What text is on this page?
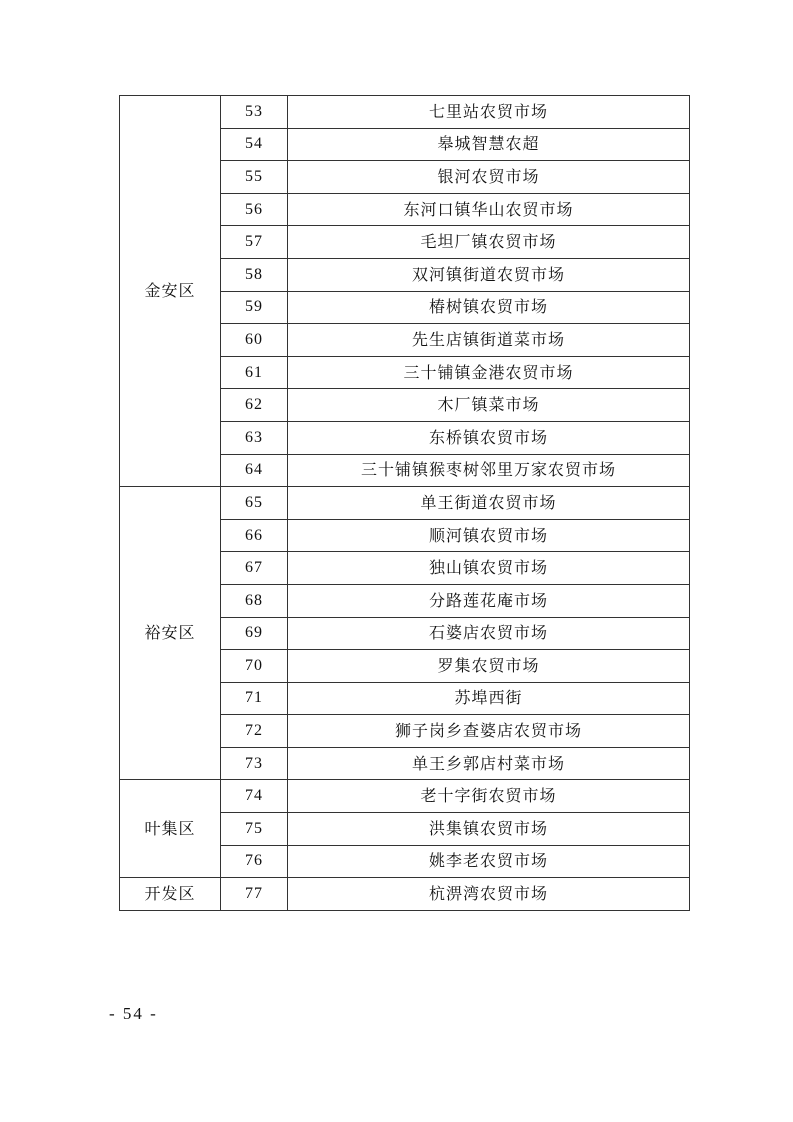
金安区	53	七里站农贸市场
	54	皋城智慧农超
	55	银河农贸市场
	56	东河口镇华山农贸市场
	57	毛坦厂镇农贸市场
	58	双河镇街道农贸市场
	59	椿树镇农贸市场
	60	先生店镇街道菜市场
	61	三十铺镇金港农贸市场
	62	木厂镇菜市场
	63	东桥镇农贸市场
	64	三十铺镇猴枣树邻里万家农贸市场
裕安区	65	单王街道农贸市场
	66	顺河镇农贸市场
	67	独山镇农贸市场
	68	分路莲花庵市场
	69	石婆店农贸市场
	70	罗集农贸市场
	71	苏埠西街
	72	狮子岗乡查婆店农贸市场
	73	单王乡郭店村菜市场
叶集区	74	老十字街农贸市场
	75	洪集镇农贸市场
	76	姚李老农贸市场
开发区	77	杭淠湾农贸市场
- 54 -
